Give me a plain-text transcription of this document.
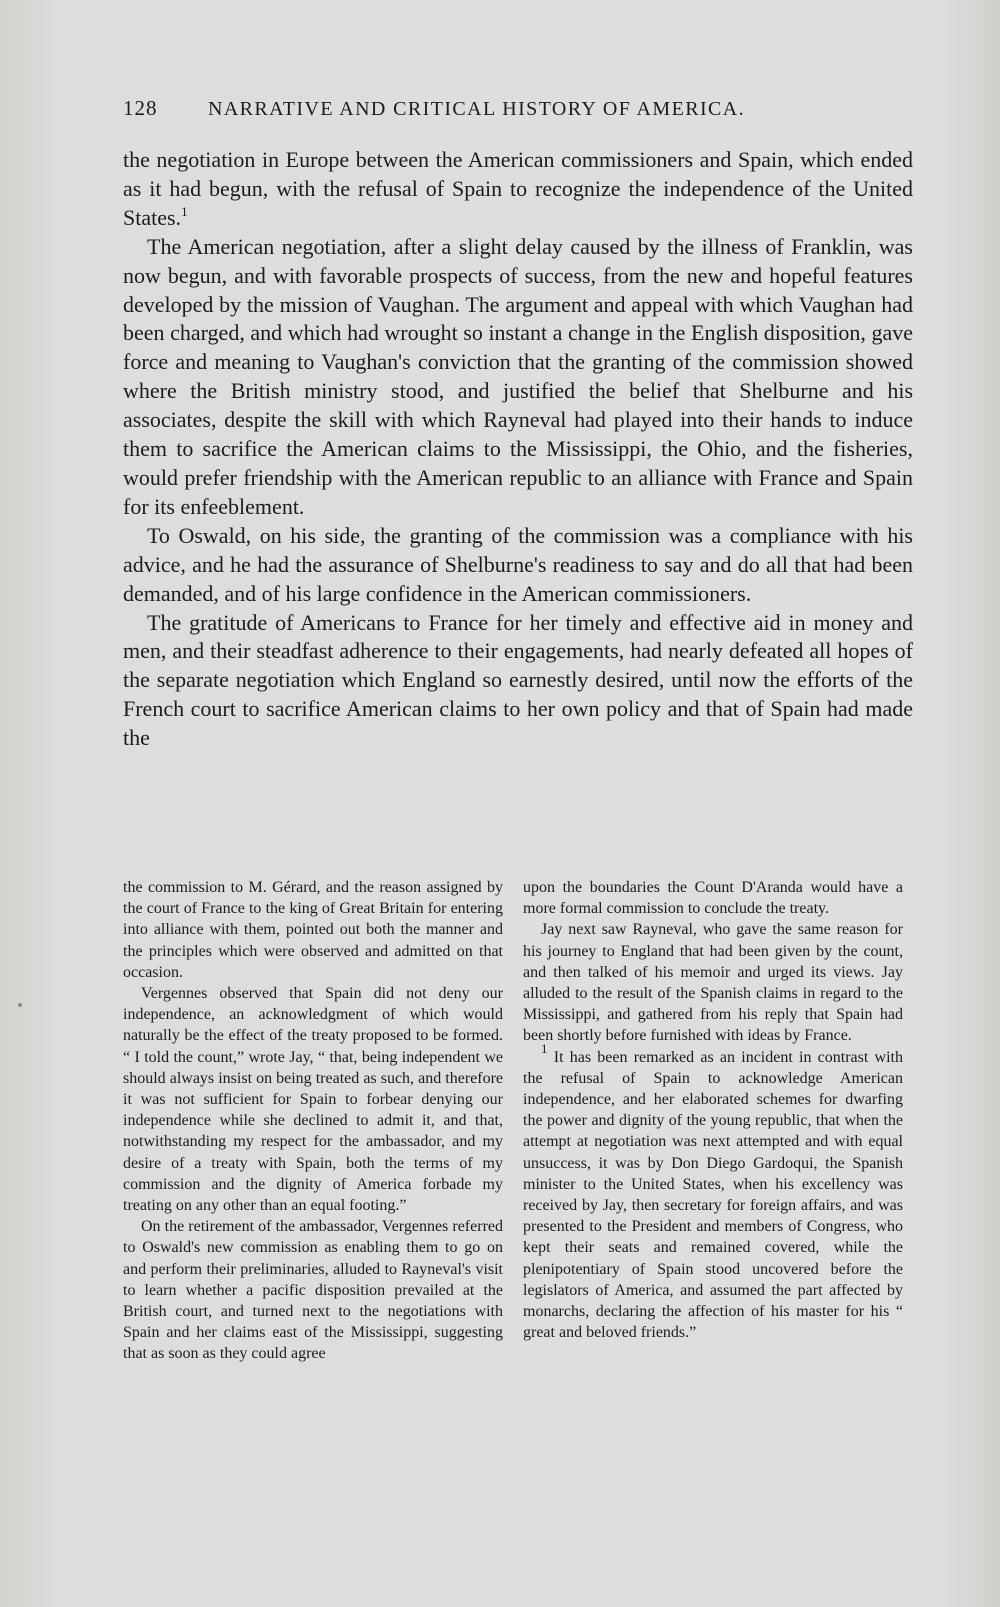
128	NARRATIVE AND CRITICAL HISTORY OF AMERICA.

the negotiation in Europe between the American commissioners and Spain, which ended as it had begun, with the refusal of Spain to recognize the independence of the United States.$^1$

The American negotiation, after a slight delay caused by the illness of Franklin, was now begun, and with favorable prospects of success, from the new and hopeful features developed by the mission of Vaughan. The argument and appeal with which Vaughan had been charged, and which had wrought so instant a change in the English disposition, gave force and meaning to Vaughan's conviction that the granting of the commission showed where the British ministry stood, and justified the belief that Shelburne and his associates, despite the skill with which Rayneval had played into their hands to induce them to sacrifice the American claims to the Mississippi, the Ohio, and the fisheries, would prefer friendship with the American republic to an alliance with France and Spain for its enfeeblement.

To Oswald, on his side, the granting of the commission was a compliance with his advice, and he had the assurance of Shelburne's readiness to say and do all that had been demanded, and of his large confidence in the American commissioners.

The gratitude of Americans to France for her timely and effective aid in money and men, and their steadfast adherence to their engagements, had nearly defeated all hopes of the separate negotiation which England so earnestly desired, until now the efforts of the French court to sacrifice American claims to her own policy and that of Spain had made the

the commission to M. Gérard, and the reason assigned by the court of France to the king of Great Britain for entering into alliance with them, pointed out both the manner and the principles which were observed and admitted on that occasion.

Vergennes observed that Spain did not deny our independence, an acknowledgment of which would naturally be the effect of the treaty proposed to be formed. “ I told the count,” wrote Jay, “ that, being independent we should always insist on being treated as such, and therefore it was not sufficient for Spain to forbear denying our independence while she declined to admit it, and that, notwithstanding my respect for the ambassador, and my desire of a treaty with Spain, both the terms of my commission and the dignity of America forbade my treating on any other than an equal footing.”

On the retirement of the ambassador, Vergennes referred to Oswald's new commission as enabling them to go on and perform their preliminaries, alluded to Rayneval's visit to learn whether a pacific disposition prevailed at the British court, and turned next to the negotiations with Spain and her claims east of the Mississippi, suggesting that as soon as they could agree

upon the boundaries the Count D'Aranda would have a more formal commission to conclude the treaty.

Jay next saw Rayneval, who gave the same reason for his journey to England that had been given by the count, and then talked of his memoir and urged its views. Jay alluded to the result of the Spanish claims in regard to the Mississippi, and gathered from his reply that Spain had been shortly before furnished with ideas by France.

$^1$ It has been remarked as an incident in contrast with the refusal of Spain to acknowledge American independence, and her elaborated schemes for dwarfing the power and dignity of the young republic, that when the attempt at negotiation was next attempted and with equal unsuccess, it was by Don Diego Gardoqui, the Spanish minister to the United States, when his excellency was received by Jay, then secretary for foreign affairs, and was presented to the President and members of Congress, who kept their seats and remained covered, while the plenipotentiary of Spain stood uncovered before the legislators of America, and assumed the part affected by monarchs, declaring the affection of his master for his “ great and beloved friends.”
